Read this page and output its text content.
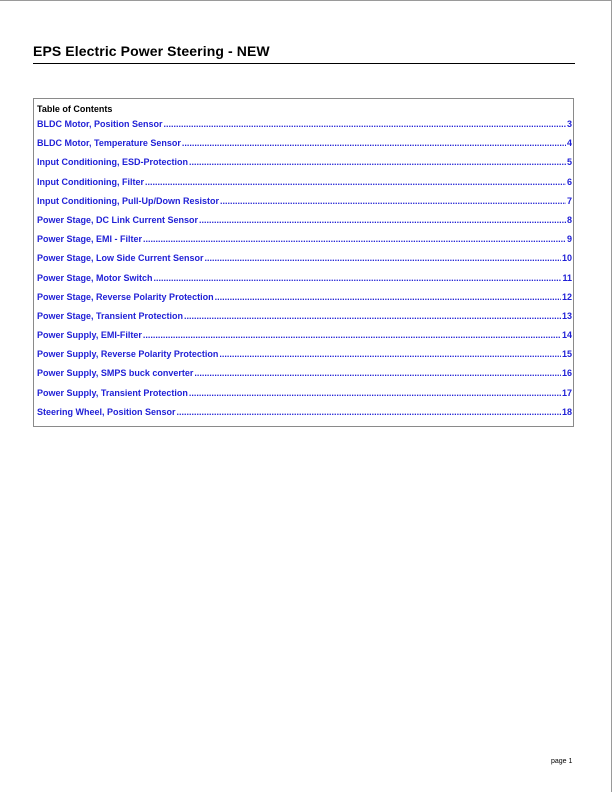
EPS Electric Power Steering - NEW
Table of Contents
BLDC Motor, Position Sensor .....	3
BLDC Motor, Temperature Sensor .....	4
Input Conditioning, ESD-Protection .....	5
Input Conditioning, Filter .....	6
Input Conditioning, Pull-Up/Down Resistor .....	7
Power Stage, DC Link Current Sensor .....	8
Power Stage, EMI - Filter .....	9
Power Stage, Low Side Current Sensor .....	10
Power Stage, Motor Switch .....	11
Power Stage, Reverse Polarity Protection .....	12
Power Stage, Transient Protection .....	13
Power Supply, EMI-Filter .....	14
Power Supply, Reverse Polarity Protection .....	15
Power Supply, SMPS buck converter .....	16
Power Supply, Transient Protection .....	17
Steering Wheel, Position Sensor .....	18
page 1
